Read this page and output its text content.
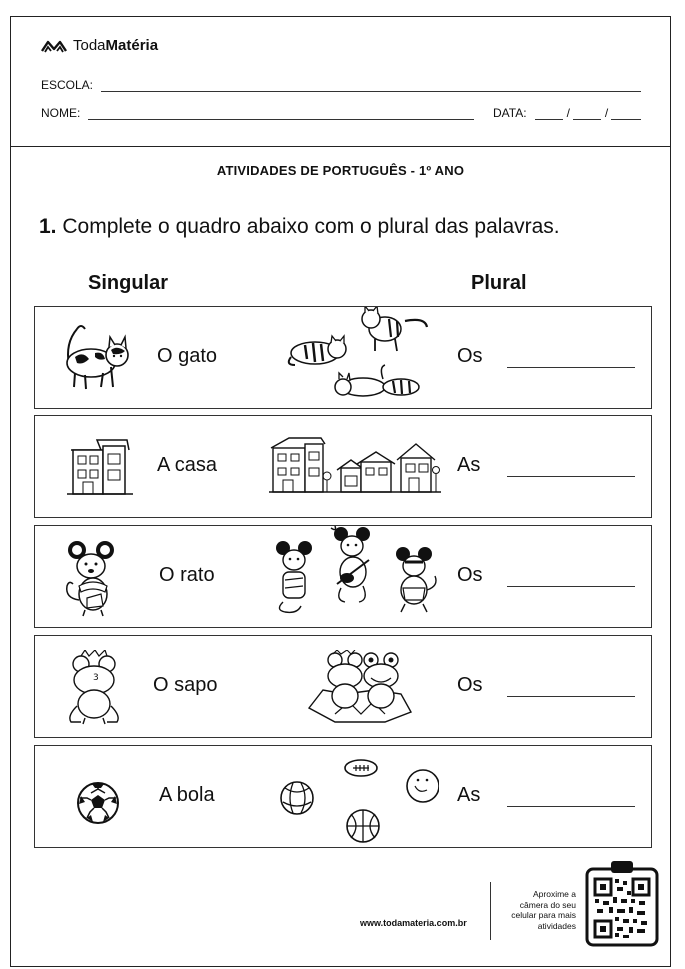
TodaMatéria
ESCOLA:
NOME:	DATA:	/	/
ATIVIDADES DE PORTUGUÊS - 1º ANO
1. Complete o quadro abaixo com o plural das palavras.
Singular	Plural
O gato	Os
A casa	As
O rato	Os
3	O sapo	Os
A bola	As
www.todamateria.com.br
Aproxime a
câmera do seu
celular para mais
atividades
